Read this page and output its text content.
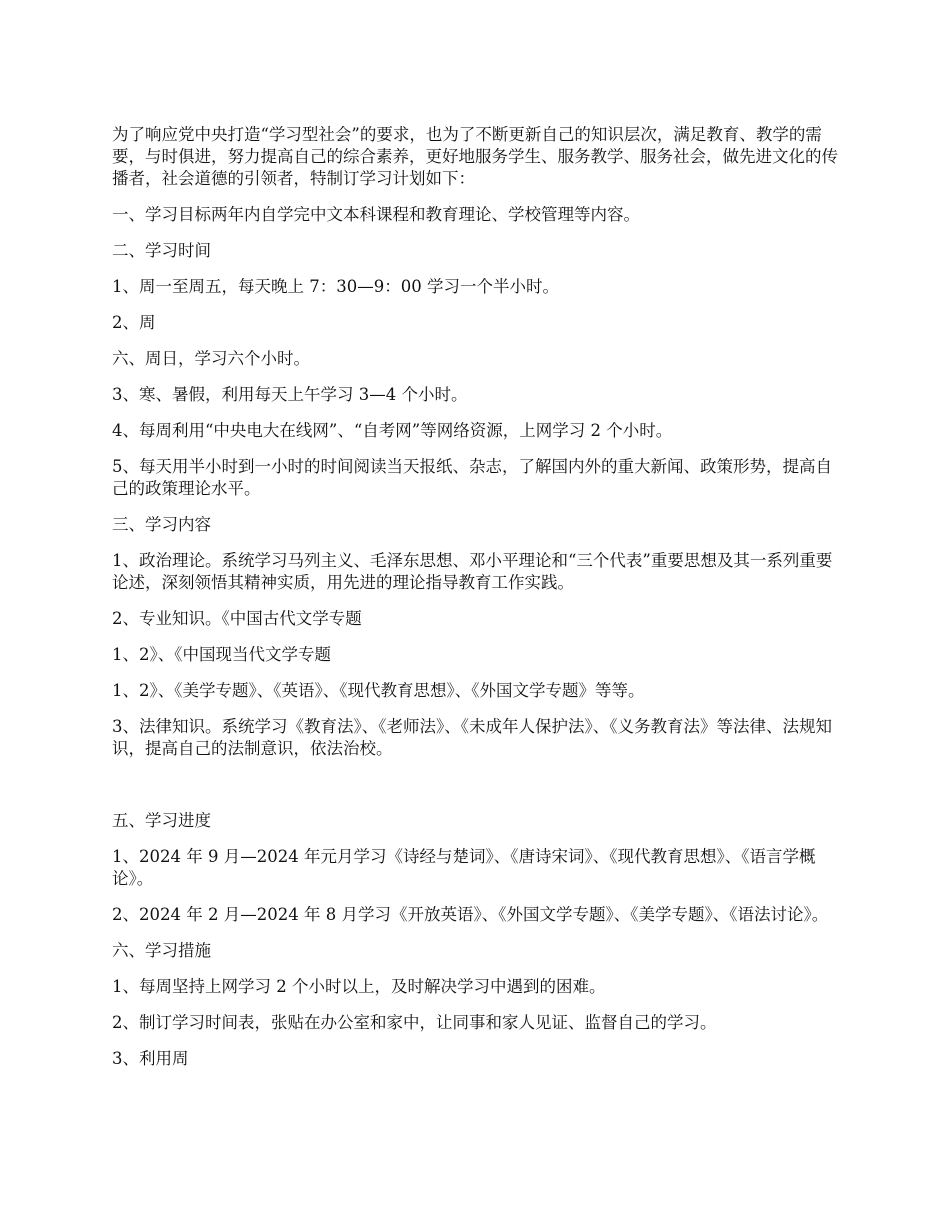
为了响应党中央打造“学习型社会”的要求，也为了不断更新自己的知识层次，满足教育、教学的需要，与时俱进，努力提高自己的综合素养，更好地服务学生、服务教学、服务社会，做先进文化的传播者，社会道德的引领者，特制订学习计划如下：

一、学习目标两年内自学完中文本科课程和教育理论、学校管理等内容。

二、学习时间

1、周一至周五，每天晚上 7：30—9：00 学习一个半小时。

2、周

六、周日，学习六个小时。

3、寒、暑假，利用每天上午学习 3—4 个小时。

4、每周利用“中央电大在线网”、“自考网”等网络资源，上网学习 2 个小时。

5、每天用半小时到一小时的时间阅读当天报纸、杂志，了解国内外的重大新闻、政策形势，提高自己的政策理论水平。

三、学习内容

1、政治理论。系统学习马列主义、毛泽东思想、邓小平理论和“三个代表”重要思想及其一系列重要论述，深刻领悟其精神实质，用先进的理论指导教育工作实践。

2、专业知识。《中国古代文学专题

1、2》、《中国现当代文学专题

1、2》、《美学专题》、《英语》、《现代教育思想》、《外国文学专题》等等。

3、法律知识。系统学习《教育法》、《老师法》、《未成年人保护法》、《义务教育法》等法律、法规知识，提高自己的法制意识，依法治校。

五、学习进度

1、2024 年 9 月—2024 年元月学习《诗经与楚词》、《唐诗宋词》、《现代教育思想》、《语言学概论》。

2、2024 年 2 月—2024 年 8 月学习《开放英语》、《外国文学专题》、《美学专题》、《语法讨论》。

六、学习措施

1、每周坚持上网学习 2 个小时以上，及时解决学习中遇到的困难。

2、制订学习时间表，张贴在办公室和家中，让同事和家人见证、监督自己的学习。

3、利用周
